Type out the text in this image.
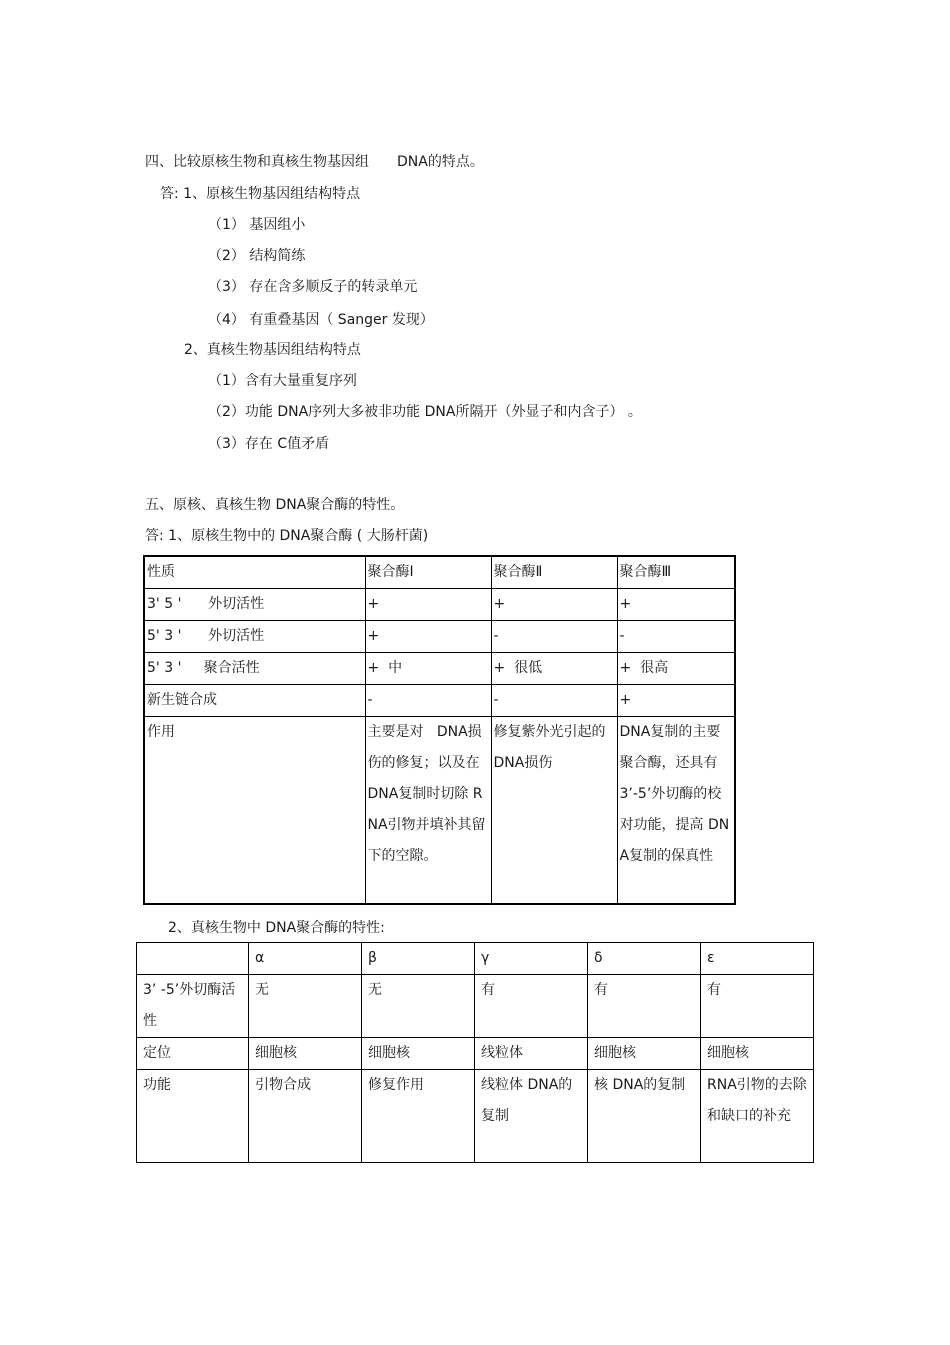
四、比较原核生物和真核生物基因组　　DNA的特点。
答: 1、原核生物基因组结构特点
（1） 基因组小
（2） 结构简练
（3） 存在含多顺反子的转录单元
（4） 有重叠基因（ Sanger 发现）
2、真核生物基因组结构特点
（1）含有大量重复序列
（2）功能 DNA序列大多被非功能 DNA所隔开（外显子和内含子） 。
（3）存在 C值矛盾
五、原核、真核生物 DNA聚合酶的特性。
答: 1、原核生物中的 DNA聚合酶 ( 大肠杆菌)
性质	聚合酶Ⅰ	聚合酶Ⅱ	聚合酶Ⅲ
3' 5 '      外切活性	+	+	+
5' 3 '      外切活性	+	-	-
5' 3 '     聚合活性	+  中	+  很低	+  很高
新生链合成	-	-	+
作用	主要是对   DNA损伤的修复；以及在 DNA复制时切除 RNA引物并填补其留下的空隙。	修复紫外光引起的 DNA损伤	DNA复制的主要聚合酶，还具有 3’-5’外切酶的校对功能，提高 DNA复制的保真性
2、真核生物中 DNA聚合酶的特性:
	α	β	γ	δ	ε
3’ -5’外切酶活性	无	无	有	有	有
定位	细胞核	细胞核	线粒体	细胞核	细胞核
功能	引物合成	修复作用	线粒体 DNA的复制	核 DNA的复制	RNA引物的去除和缺口的补充
